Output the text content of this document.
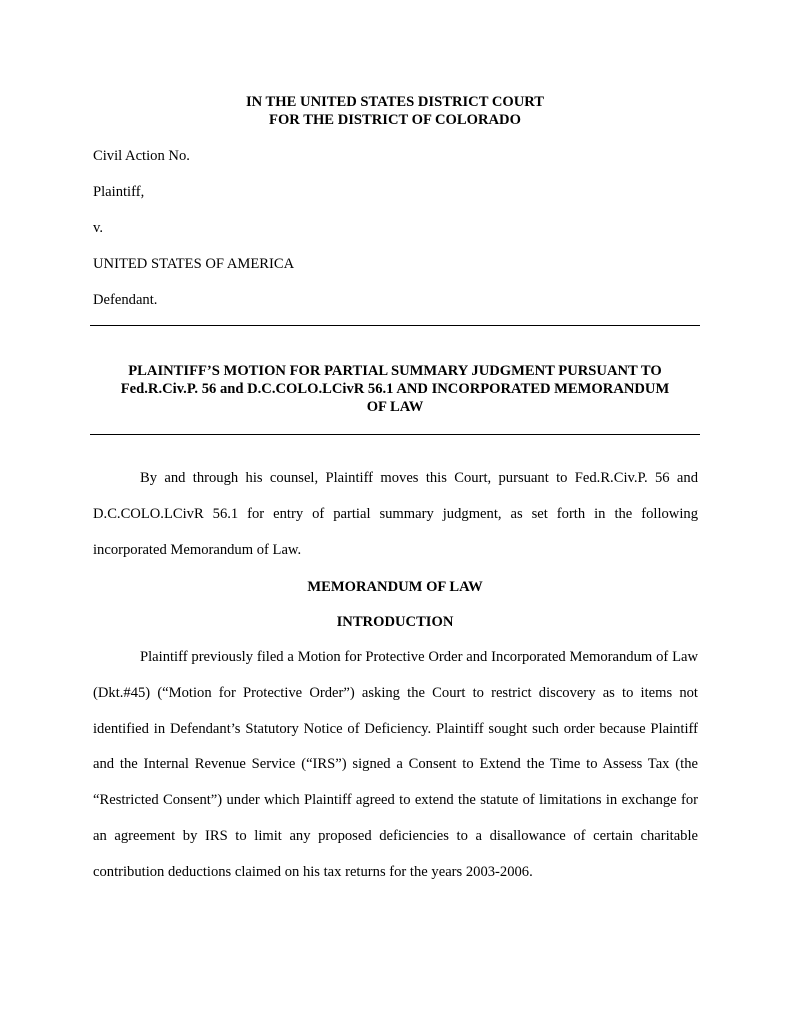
IN THE UNITED STATES DISTRICT COURT
FOR THE DISTRICT OF COLORADO
Civil Action No.
Plaintiff,
v.
UNITED STATES OF AMERICA
Defendant.
PLAINTIFF’S MOTION FOR PARTIAL SUMMARY JUDGMENT PURSUANT TO
Fed.R.Civ.P. 56 and D.C.COLO.LCivR 56.1 AND INCORPORATED MEMORANDUM
OF LAW

By and through his counsel, Plaintiff moves this Court, pursuant to Fed.R.Civ.P. 56 and D.C.COLO.LCivR 56.1 for entry of partial summary judgment, as set forth in the following incorporated Memorandum of Law.

MEMORANDUM OF LAW
INTRODUCTION

Plaintiff previously filed a Motion for Protective Order and Incorporated Memorandum of Law (Dkt.#45) (“Motion for Protective Order”) asking the Court to restrict discovery as to items not identified in Defendant’s Statutory Notice of Deficiency. Plaintiff sought such order because Plaintiff and the Internal Revenue Service (“IRS”) signed a Consent to Extend the Time to Assess Tax (the “Restricted Consent”) under which Plaintiff agreed to extend the statute of limitations in exchange for an agreement by IRS to limit any proposed deficiencies to a disallowance of certain charitable contribution deductions claimed on his tax returns for the years 2003-2006.
